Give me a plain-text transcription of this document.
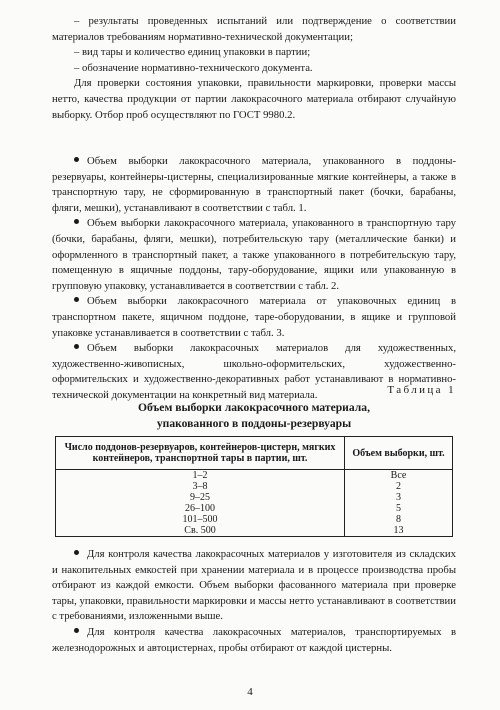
– результаты проведенных испытаний или подтверждение о соответствии материалов требованиям нормативно-технической документации;

– вид тары и количество единиц упаковки в партии;

– обозначение нормативно-технического документа.

Для проверки состояния упаковки, правильности маркировки, проверки массы нетто, качества продукции от партии лакокрасочного материала отбирают случайную выборку. Отбор проб осуществляют по ГОСТ 9980.2.

Объем выборки лакокрасочного материала, упакованного в поддоны-резервуары, контейнеры-цистерны, специализированные мягкие контейнеры, а также в транспортную тару, не сформированную в транспортный пакет (бочки, барабаны, фляги, мешки), устанавливают в соответствии с табл. 1.

Объем выборки лакокрасочного материала, упакованного в транспортную тару (бочки, барабаны, фляги, мешки), потребительскую тару (металлические банки) и оформленного в транспортный пакет, а также упакованного в потребительскую тару, помещенную в ящичные поддоны, тару-оборудование, ящики или упакованную в групповую упаковку, устанавливается в соответствии с табл. 2.

Объем выборки лакокрасочного материала от упаковочных единиц в транспортном пакете, ящичном поддоне, таре-оборудовании, в ящике и групповой упаковке устанавливается в соответствии с табл. 3.

Объем выборки лакокрасочных материалов для художественных, художественно-живописных, школьно-оформительских, художественно-оформительских и художественно-декоративных работ устанавливают в нормативно-технической документации на конкретный вид материала.	Таблица 1
Объем выборки лакокрасочного материала,
упакованного в поддоны-резервуары
Число поддонов-резервуаров, контейнеров-цистерн, мягких контейнеров, транспортной тары в партии, шт.	Объем выборки, шт.
1–2	Все
3–8	2
9–25	3
26–100	5
101–500	8
Св. 500	13

Для контроля качества лакокрасочных материалов у изготовителя из складских и накопительных емкостей при хранении материала и в процессе производства пробы отбирают из каждой емкости. Объем выборки фасованного материала при проверке тары, упаковки, правильности маркировки и массы нетто устанавливают в соответствии с требованиями, изложенными выше.

Для контроля качества лакокрасочных материалов, транспортируемых в железнодорожных и автоцистернах, пробы отбирают от каждой цистерны.

4
